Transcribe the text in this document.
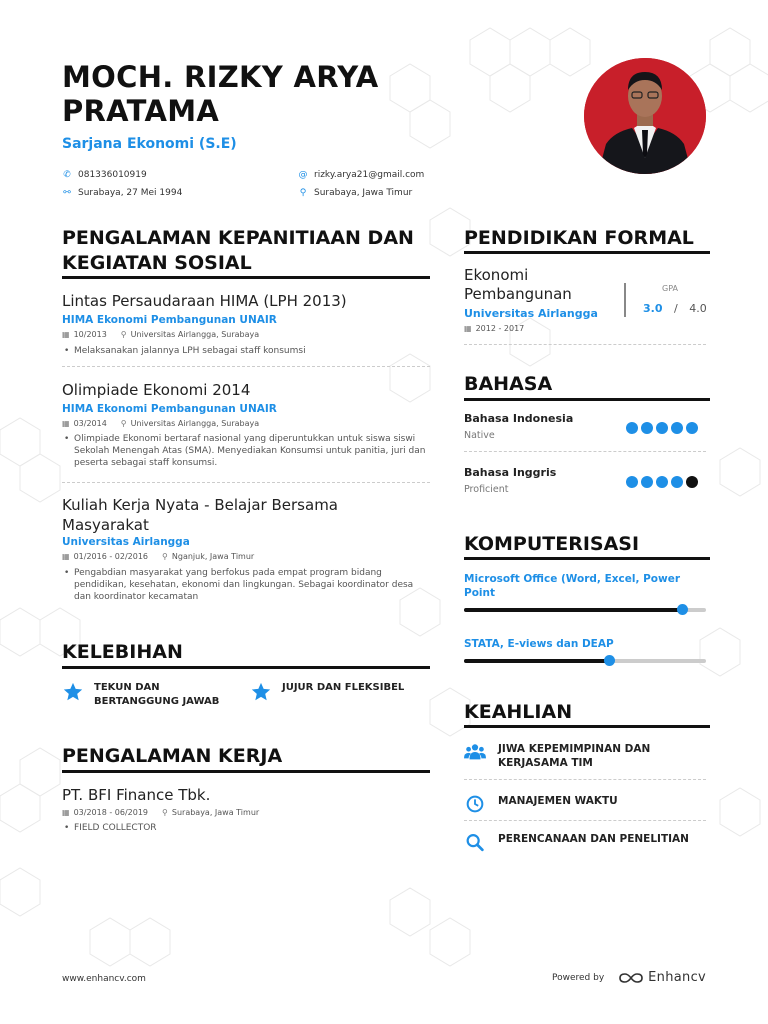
MOCH. RIZKY ARYA PRATAMA
Sarjana Ekonomi (S.E)
✆ 081336010919
⚯ Surabaya, 27 Mei 1994
@ rizky.arya21@gmail.com
⚲ Surabaya, Jawa Timur
PENGALAMAN KEPANITIAAN DAN KEGIATAN SOSIAL
Lintas Persaudaraan HIMA (LPH 2013)
HIMA Ekonomi Pembangunan UNAIR
▦ 10/2013 ⚲ Universitas Airlangga, Surabaya
• Melaksanakan jalannya LPH sebagai staff konsumsi
Olimpiade Ekonomi 2014
HIMA Ekonomi Pembangunan UNAIR
▦ 03/2014 ⚲ Universitas Airlangga, Surabaya
• Olimpiade Ekonomi bertaraf nasional yang diperuntukkan untuk siswa siswi Sekolah Menengah Atas (SMA). Menyediakan Konsumsi untuk panitia, juri dan peserta sebagai staff konsumsi.
Kuliah Kerja Nyata - Belajar Bersama Masyarakat
Universitas Airlangga
▦ 01/2016 - 02/2016 ⚲ Nganjuk, Jawa Timur
• Pengabdian masyarakat yang berfokus pada empat program bidang pendidikan, kesehatan, ekonomi dan lingkungan. Sebagai koordinator desa dan koordinator kecamatan
KELEBIHAN
TEKUN DAN BERTANGGUNG JAWAB
JUJUR DAN FLEKSIBEL
PENGALAMAN KERJA
PT. BFI Finance Tbk.
▦ 03/2018 - 06/2019 ⚲ Surabaya, Jawa Timur
• FIELD COLLECTOR
PENDIDIKAN FORMAL
Ekonomi Pembangunan
Universitas Airlangga
▦ 2012 - 2017
GPA
3.0 / 4.0
BAHASA
Bahasa Indonesia
Native
Bahasa Inggris
Proficient
KOMPUTERISASI
Microsoft Office (Word, Excel, Power Point
STATA, E-views dan DEAP
KEAHLIAN
JIWA KEPEMIMPINAN DAN KERJASAMA TIM
MANAJEMEN WAKTU
PERENCANAAN DAN PENELITIAN
www.enhancv.com	Powered by	Enhancv
